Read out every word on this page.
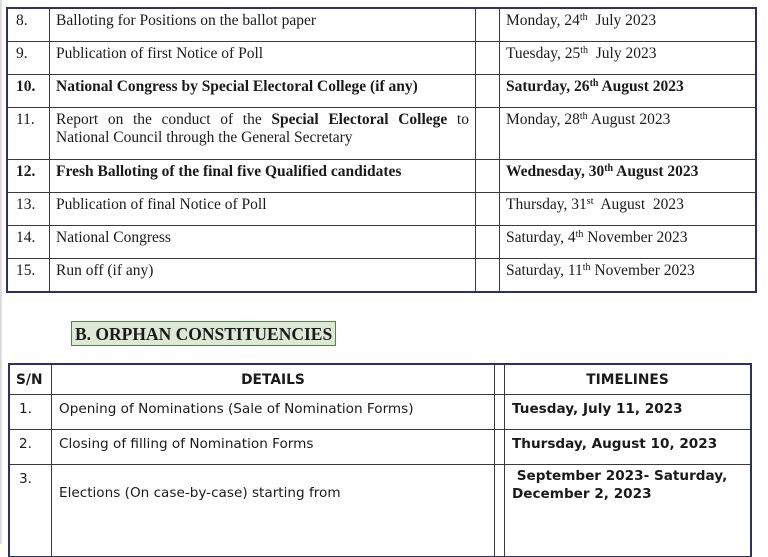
8.	Balloting for Positions on the ballot paper		Monday, 24th  July 2023
9.	Publication of first Notice of Poll		Tuesday, 25th  July 2023
10.	National Congress by Special Electoral College (if any)		Saturday, 26th August 2023
11.	Report on the conduct of the Special Electoral College to National Council through the General Secretary		Monday, 28th August 2023
12.	Fresh Balloting of the final five Qualified candidates		Wednesday, 30th August 2023
13.	Publication of final Notice of Poll		Thursday, 31st  August  2023
14.	National Congress		Saturday, 4th November 2023
15.	Run off (if any)		Saturday, 11th November 2023
B. ORPHAN CONSTITUENCIES
S/N	DETAILS		TIMELINES
1.	Opening of Nominations (Sale of Nomination Forms)		Tuesday, July 11, 2023
2.	Closing of filling of Nomination Forms		Thursday, August 10, 2023
3.	Elections (On case-by-case) starting from		September 2023- Saturday,
December 2, 2023
